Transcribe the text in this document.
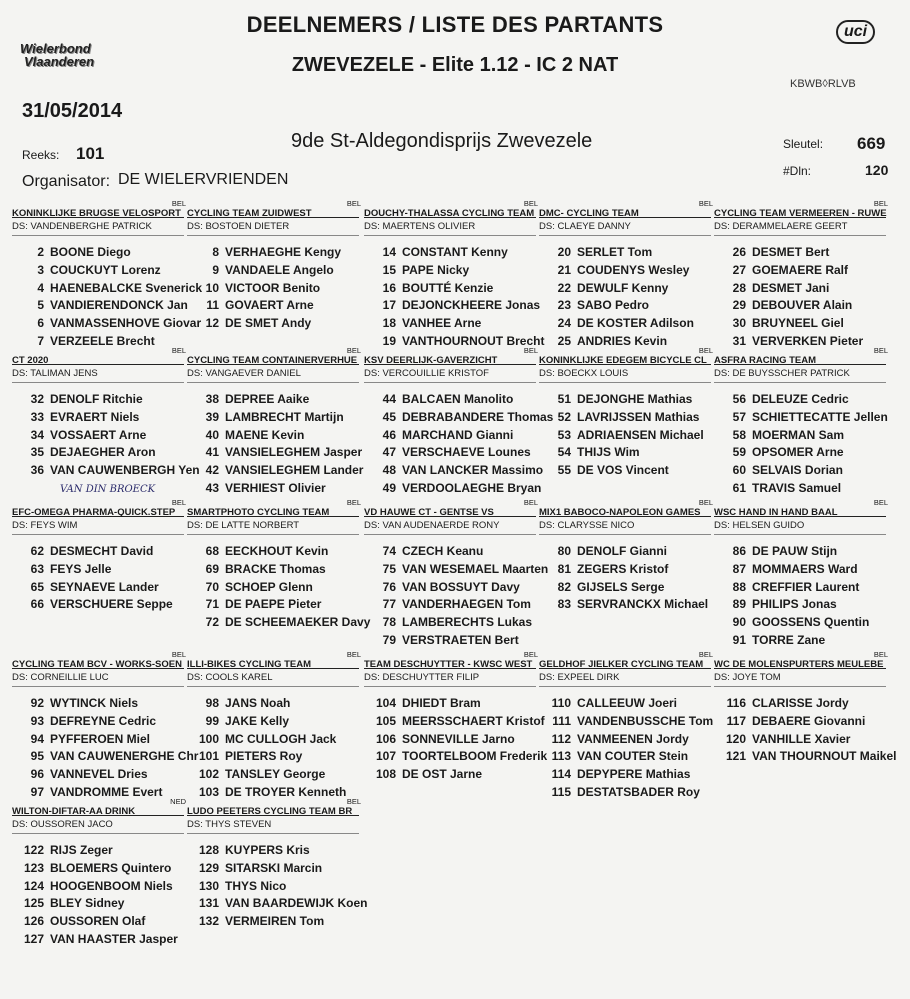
Wielerbond
Vlaanderen
DEELNEMERS / LISTE DES PARTANTS
ZWEVEZELE - Elite 1.12 - IC 2 NAT
uci
KBWB◊RLVB
31/05/2014
Reeks: 101
9de St-Aldegondisprijs Zwevezele	Sleutel: 669
#Dln:	120
Organisator: DE WIELERVRIENDEN
KONINKLIJKE BRUGSE VELOSPORT
BEL
DS: VANDENBERGHE PATRICK
2 BOONE Diego
3 COUCKUYT Lorenz
4 HAENEBALCKE Svenerick
5 VANDIERENDONCK Jan
6 VANMASSENHOVE Giovar
7 VERZEELE Brecht
CYCLING TEAM ZUIDWEST
BEL
DS: BOSTOEN DIETER
8 VERHAEGHE Kengy
9 VANDAELE Angelo
10 VICTOOR Benito
11 GOVAERT Arne
12 DE SMET Andy
DOUCHY-THALASSA CYCLING TEAM
BEL
DS: MAERTENS OLIVIER
14 CONSTANT Kenny
15 PAPE Nicky
16 BOUTTÉ Kenzie
17 DEJONCKHEERE Jonas
18 VANHEE Arne
19 VANTHOURNOUT Brecht
DMC- CYCLING TEAM
BEL
DS: CLAEYE DANNY
20 SERLET Tom
21 COUDENYS Wesley
22 DEWULF Kenny
23 SABO Pedro
24 DE KOSTER Adilson
25 ANDRIES Kevin
CYCLING TEAM VERMEEREN - RUWE
BEL
DS: DERAMMELAERE GEERT
26 DESMET Bert
27 GOEMAERE Ralf
28 DESMET Jani
29 DEBOUVER Alain
30 BRUYNEEL Giel
31 VERVERKEN Pieter
CT 2020
BEL
DS: TALIMAN JENS
32 DENOLF Ritchie
33 EVRAERT Niels
34 VOSSAERT Arne
35 DEJAEGHER Aron
36 VAN CAUWENBERGH Yen
CYCLING TEAM CONTAINERVERHUE
BEL
DS: VANGAEVER DANIEL
38 DEPREE Aaike
39 LAMBRECHT Martijn
40 MAENE Kevin
41 VANSIELEGHEM Jasper
42 VANSIELEGHEM Lander
43 VERHIEST Olivier
KSV DEERLIJK-GAVERZICHT
BEL
DS: VERCOUILLIE KRISTOF
44 BALCAEN Manolito
45 DEBRABANDERE Thomas
46 MARCHAND Gianni
47 VERSCHAEVE Lounes
48 VAN LANCKER Massimo
49 VERDOOLAEGHE Bryan
KONINKLIJKE EDEGEM BICYCLE CL
BEL
DS: BOECKX LOUIS
51 DEJONGHE Mathias
52 LAVRIJSSEN Mathias
53 ADRIAENSEN Michael
54 THIJS Wim
55 DE VOS Vincent
ASFRA RACING TEAM
BEL
DS: DE BUYSSCHER PATRICK
56 DELEUZE Cedric
57 SCHIETTECATTE Jellen
58 MOERMAN Sam
59 OPSOMER Arne
60 SELVAIS Dorian
61 TRAVIS Samuel
EFC-OMEGA PHARMA-QUICK.STEP
BEL
DS: FEYS WIM
62 DESMECHT David
63 FEYS Jelle
65 SEYNAEVE Lander
66 VERSCHUERE Seppe
SMARTPHOTO CYCLING TEAM
BEL
DS: DE LATTE NORBERT
68 EECKHOUT Kevin
69 BRACKE Thomas
70 SCHOEP Glenn
71 DE PAEPE Pieter
72 DE SCHEEMAEKER Davy
VD HAUWE CT - GENTSE VS
BEL
DS: VAN AUDENAERDE RONY
74 CZECH Keanu
75 VAN WESEMAEL Maarten
76 VAN BOSSUYT Davy
77 VANDERHAEGEN Tom
78 LAMBERECHTS Lukas
79 VERSTRAETEN Bert
MIX1 BABOCO-NAPOLEON GAMES
BEL
DS: CLARYSSE NICO
80 DENOLF Gianni
81 ZEGERS Kristof
82 GIJSELS Serge
83 SERVRANCKX Michael
WSC HAND IN HAND BAAL
BEL
DS: HELSEN GUIDO
86 DE PAUW Stijn
87 MOMMAERS Ward
88 CREFFIER Laurent
89 PHILIPS Jonas
90 GOOSSENS Quentin
91 TORRE Zane
CYCLING TEAM BCV - WORKS-SOEN
BEL
DS: CORNEILLIE LUC
92 WYTINCK Niels
93 DEFREYNE Cedric
94 PYFFEROEN Miel
95 VAN CAUWENERGHE Chr
96 VANNEVEL Dries
97 VANDROMME Evert
ILLI-BIKES CYCLING TEAM
BEL
DS: COOLS KAREL
98 JANS Noah
99 JAKE Kelly
100 MC CULLOGH Jack
101 PIETERS Roy
102 TANSLEY George
103 DE TROYER Kenneth
TEAM DESCHUYTTER - KWSC WEST
BEL
DS: DESCHUYTTER FILIP
104 DHIEDT Bram
105 MEERSSCHAERT Kristof
106 SONNEVILLE Jarno
107 TOORTELBOOM Frederik
108 DE OST Jarne
GELDHOF JIELKER CYCLING TEAM
BEL
DS: EXPEEL DIRK
110 CALLEEUW Joeri
111 VANDENBUSSCHE Tom
112 VANMEENEN Jordy
113 VAN COUTER Stein
114 DEPYPERE Mathias
115 DESTATSBADER Roy
WC DE MOLENSPURTERS MEULEBE
BEL
DS: JOYE TOM
116 CLARISSE Jordy
117 DEBAERE Giovanni
120 VANHILLE Xavier
121 VAN THOURNOUT Maikel
WILTON-DIFTAR-AA DRINK
NED
DS: OUSSOREN JACO
122 RIJS Zeger
123 BLOEMERS Quintero
124 HOOGENBOOM Niels
125 BLEY Sidney
126 OUSSOREN Olaf
127 VAN HAASTER Jasper
LUDO PEETERS CYCLING TEAM BR
BEL
DS: THYS STEVEN
128 KUYPERS Kris
129 SITARSKI Marcin
130 THYS Nico
131 VAN BAARDEWIJK Koen
132 VERMEIREN Tom
VAN DIN BROECK
